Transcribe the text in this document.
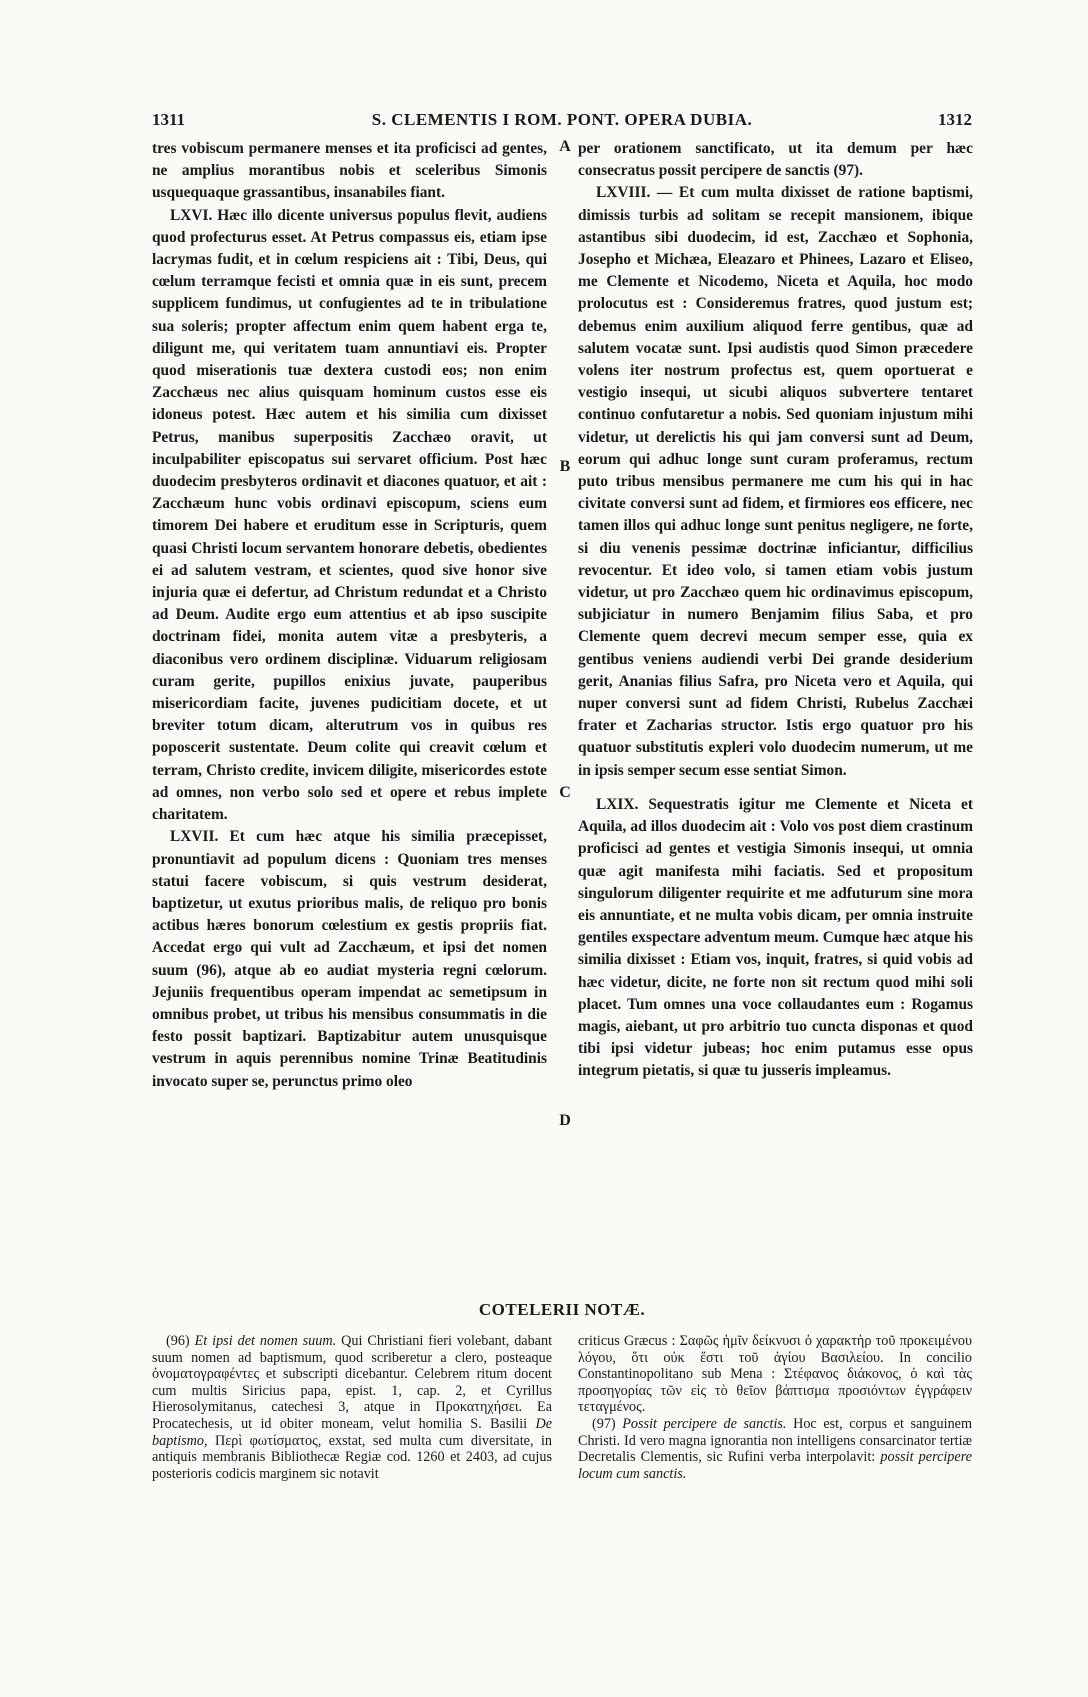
1311	S. CLEMENTIS I ROM. PONT. OPERA DUBIA.	1312

tres vobiscum permanere menses et ita proficisci ad gentes, ne amplius morantibus nobis et sceleribus Simonis usquequaque grassantibus, insanabiles fiant.

LXVI. Hæc illo dicente universus populus flevit, audiens quod profecturus esset. At Petrus compassus eis, etiam ipse lacrymas fudit, et in cœlum respiciens ait : Tibi, Deus, qui cœlum terramque fecisti et omnia quæ in eis sunt, precem supplicem fundimus, ut confugientes ad te in tribulatione sua soleris; propter affectum enim quem habent erga te, diligunt me, qui veritatem tuam annuntiavi eis. Propter quod miserationis tuæ dextera custodi eos; non enim Zacchæus nec alius quisquam hominum custos esse eis idoneus potest. Hæc autem et his similia cum dixisset Petrus, manibus superpositis Zacchæo oravit, ut inculpabiliter episcopatus sui servaret officium. Post hæc duodecim presbyteros ordinavit et diacones quatuor, et ait : Zacchæum hunc vobis ordinavi episcopum, sciens eum timorem Dei habere et eruditum esse in Scripturis, quem quasi Christi locum servantem honorare debetis, obedientes ei ad salutem vestram, et scientes, quod sive honor sive injuria quæ ei defertur, ad Christum redundat et a Christo ad Deum. Audite ergo eum attentius et ab ipso suscipite doctrinam fidei, monita autem vitæ a presbyteris, a diaconibus vero ordinem disciplinæ. Viduarum religiosam curam gerite, pupillos enixius juvate, pauperibus misericordiam facite, juvenes pudicitiam docete, et ut breviter totum dicam, alterutrum vos in quibus res poposcerit sustentate. Deum colite qui creavit cœlum et terram, Christo credite, invicem diligite, misericordes estote ad omnes, non verbo solo sed et opere et rebus implete charitatem.

LXVII. Et cum hæc atque his similia præcepisset, pronuntiavit ad populum dicens : Quoniam tres menses statui facere vobiscum, si quis vestrum desiderat, baptizetur, ut exutus prioribus malis, de reliquo pro bonis actibus hæres bonorum cœlestium ex gestis propriis fiat. Accedat ergo qui vult ad Zacchæum, et ipsi det nomen suum (96), atque ab eo audiat mysteria regni cœlorum. Jejuniis frequentibus operam impendat ac semetipsum in omnibus probet, ut tribus his mensibus consummatis in die festo possit baptizari. Baptizabitur autem unusquisque vestrum in aquis perennibus nomine Trinæ Beatitudinis invocato super se, perunctus primo oleo

A
B
C
D

per orationem sanctificato, ut ita demum per hæc consecratus possit percipere de sanctis (97).

LXVIII. — Et cum multa dixisset de ratione baptismi, dimissis turbis ad solitam se recepit mansionem, ibique astantibus sibi duodecim, id est, Zacchæo et Sophonia, Josepho et Michæa, Eleazaro et Phinees, Lazaro et Eliseo, me Clemente et Nicodemo, Niceta et Aquila, hoc modo prolocutus est : Consideremus fratres, quod justum est; debemus enim auxilium aliquod ferre gentibus, quæ ad salutem vocatæ sunt. Ipsi audistis quod Simon præcedere volens iter nostrum profectus est, quem oportuerat e vestigio insequi, ut sicubi aliquos subvertere tentaret continuo confutaretur a nobis. Sed quoniam injustum mihi videtur, ut derelictis his qui jam conversi sunt ad Deum, eorum qui adhuc longe sunt curam proferamus, rectum puto tribus mensibus permanere me cum his qui in hac civitate conversi sunt ad fidem, et firmiores eos efficere, nec tamen illos qui adhuc longe sunt penitus negligere, ne forte, si diu venenis pessimæ doctrinæ inficiantur, difficilius revocentur. Et ideo volo, si tamen etiam vobis justum videtur, ut pro Zacchæo quem hic ordinavimus episcopum, subjiciatur in numero Benjamim filius Saba, et pro Clemente quem decrevi mecum semper esse, quia ex gentibus veniens audiendi verbi Dei grande desiderium gerit, Ananias filius Safra, pro Niceta vero et Aquila, qui nuper conversi sunt ad fidem Christi, Rubelus Zacchæi frater et Zacharias structor. Istis ergo quatuor pro his quatuor substitutis expleri volo duodecim numerum, ut me in ipsis semper secum esse sentiat Simon.

LXIX. Sequestratis igitur me Clemente et Niceta et Aquila, ad illos duodecim ait : Volo vos post diem crastinum proficisci ad gentes et vestigia Simonis insequi, ut omnia quæ agit manifesta mihi faciatis. Sed et propositum singulorum diligenter requirite et me adfuturum sine mora eis annuntiate, et ne multa vobis dicam, per omnia instruite gentiles exspectare adventum meum. Cumque hæc atque his similia dixisset : Etiam vos, inquit, fratres, si quid vobis ad hæc videtur, dicite, ne forte non sit rectum quod mihi soli placet. Tum omnes una voce collaudantes eum : Rogamus magis, aiebant, ut pro arbitrio tuo cuncta disponas et quod tibi ipsi videtur jubeas; hoc enim putamus esse opus integrum pietatis, si quæ tu jusseris impleamus.

COTELERII NOTÆ.

(96) Et ipsi det nomen suum. Qui Christiani fieri volebant, dabant suum nomen ad baptismum, quod scriberetur a clero, posteaque ὀνοματογραφέντες et subscripti dicebantur. Celebrem ritum docent cum multis Siricius papa, epist. 1, cap. 2, et Cyrillus Hierosolymitanus, catechesi 3, atque in Προκατηχήσει. Ea Procatechesis, ut id obiter moneam, velut homilia S. Basilii De baptismo, Περὶ φωτίσματος, exstat, sed multa cum diversitate, in antiquis membranis Bibliothecæ Regiæ cod. 1260 et 2403, ad cujus posterioris codicis marginem sic notavit

criticus Græcus : Σαφῶς ἡμῖν δείκνυσι ὁ χαρακτὴρ τοῦ προκειμένου λόγου, ὅτι οὐκ ἔστι τοῦ ἁγίου Βασιλείου. In concilio Constantinopolitano sub Mena : Στέφανος διάκονος, ὁ καὶ τὰς προσηγορίας τῶν εἰς τὸ θεῖον βάπτισμα προσιόντων ἐγγράφειν τεταγμένος.

(97) Possit percipere de sanctis. Hoc est, corpus et sanguinem Christi. Id vero magna ignorantia non intelligens consarcinator tertiæ Decretalis Clementis, sic Rufini verba interpolavit: possit percipere locum cum sanctis.
